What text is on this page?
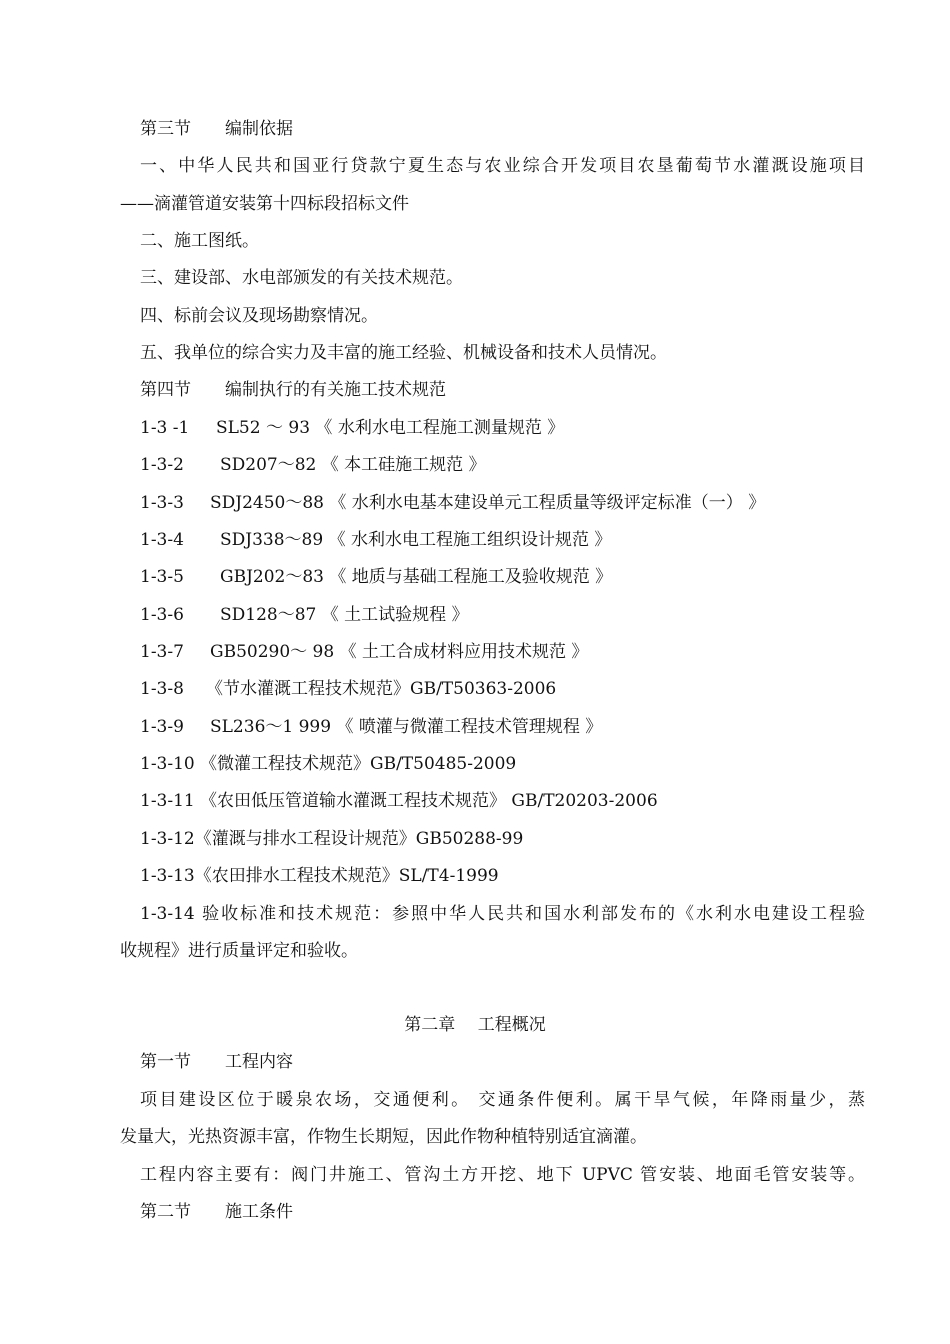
第三节　　编制依据
一、中华人民共和国亚行贷款宁夏生态与农业综合开发项目农垦葡萄节水灌溉设施项目
——滴灌管道安装第十四标段招标文件
二、施工图纸。
三、建设部、水电部颁发的有关技术规范。
四、标前会议及现场勘察情况。
五、我单位的综合实力及丰富的施工经验、机械设备和技术人员情况。
第四节　　编制执行的有关施工技术规范
1-3 -1 SL52 ～ 93 《 水利水电工程施工测量规范 》
1-3-2 SD207～82 《 本工硅施工规范 》
1-3-3 SDJ2450～88 《 水利水电基本建设单元工程质量等级评定标准（一） 》
1-3-4 SDJ338～89 《 水利水电工程施工组织设计规范 》
1-3-5 GBJ202～83 《 地质与基础工程施工及验收规范 》
1-3-6 SD128～87 《 土工试验规程 》
1-3-7 GB50290～ 98 《 土工合成材料应用技术规范 》
1-3-8 《节水灌溉工程技术规范》GB/T50363-2006
1-3-9 SL236～1 999 《 喷灌与微灌工程技术管理规程 》
1-3-10 《微灌工程技术规范》GB/T50485-2009
1-3-11 《农田低压管道输水灌溉工程技术规范》 GB/T20203-2006
1-3-12《灌溉与排水工程设计规范》GB50288-99
1-3-13《农田排水工程技术规范》SL/T4-1999
1-3-14 验收标准和技术规范：参照中华人民共和国水利部发布的《水利水电建设工程验
收规程》进行质量评定和验收。
第二章　 工程概况
第一节　　工程内容
项目建设区位于暖泉农场，交通便利。 交通条件便利。属干旱气候，年降雨量少，蒸
发量大，光热资源丰富，作物生长期短，因此作物种植特别适宜滴灌。
工程内容主要有：阀门井施工、管沟土方开挖、地下 UPVC 管安装、地面毛管安装等。
第二节　　施工条件
